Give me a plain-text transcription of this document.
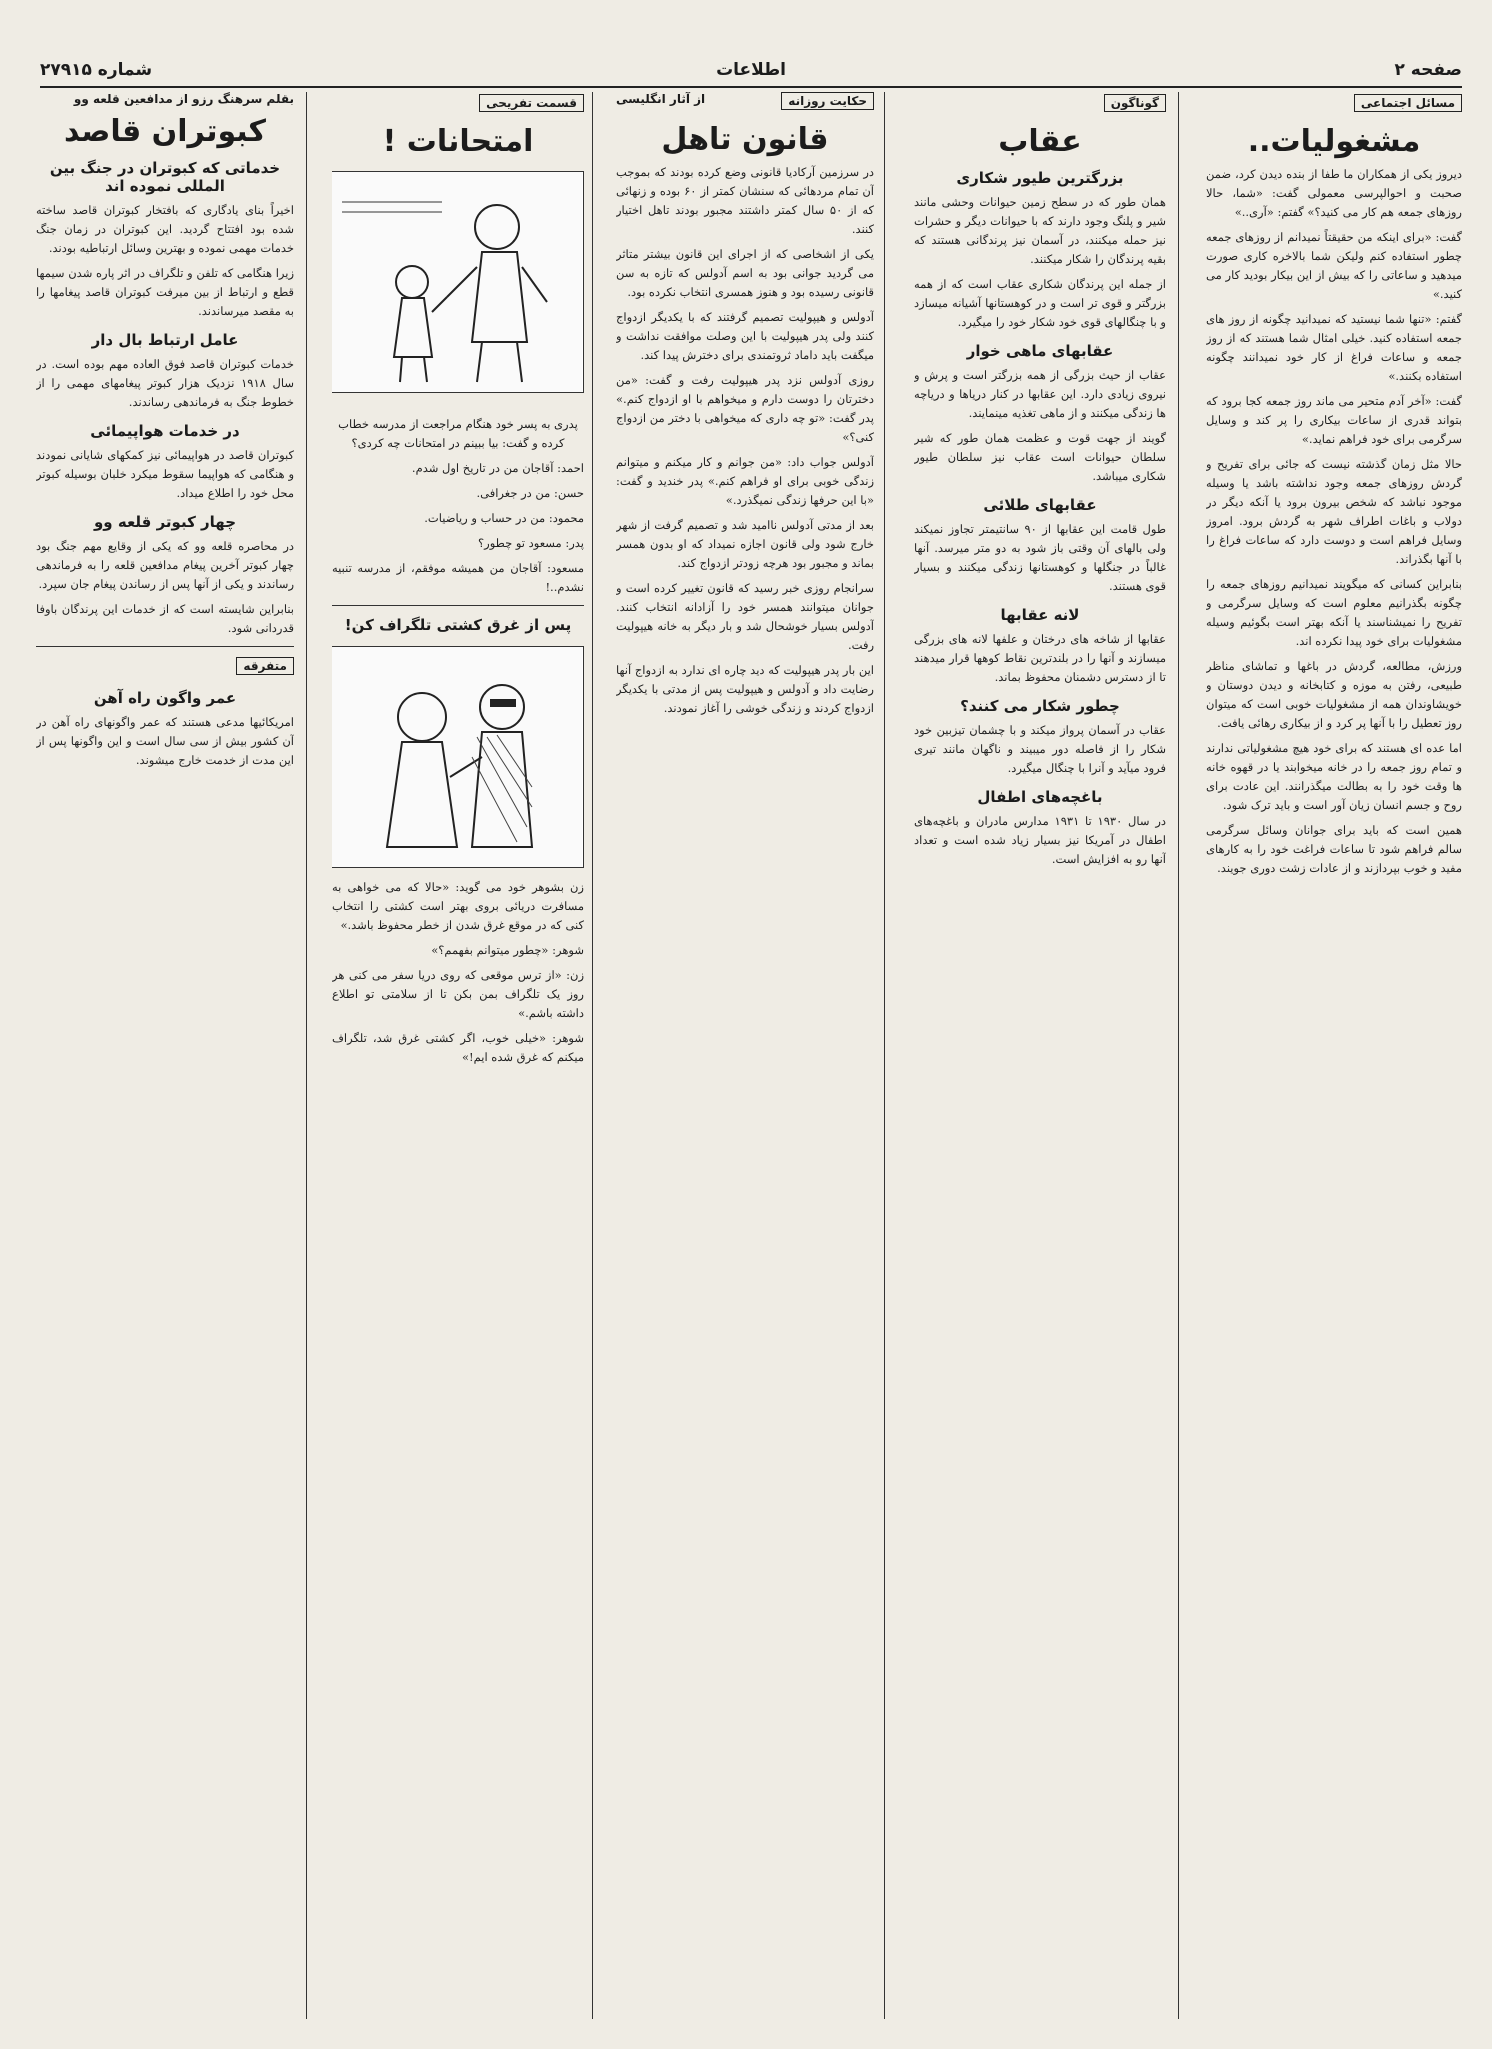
صفحه ۲
اطلاعات
شماره ۲۷۹۱۵
مسائل اجتماعی
مشغولیات..

دیروز یکی از همکاران ما طفا از بنده دیدن کرد، ضمن صحبت و احوالپرسی معمولی گفت: «شما، حالا روزهای جمعه هم کار می کنید؟» گفتم: «آری..»

گفت: «برای اینکه من حقیقتاً نمیدانم از روزهای جمعه چطور استفاده کنم ولیکن شما بالاخره کاری صورت میدهید و ساعاتی را که بیش از این بیکار بودید کار می کنید.»

گفتم: «تنها شما نیستید که نمیدانید چگونه از روز های جمعه استفاده کنید. خیلی امثال شما هستند که از روز جمعه و ساعات فراغ از کار خود نمیدانند چگونه استفاده بکنند.»

گفت: «آخر آدم متحیر می ماند روز جمعه کجا برود که بتواند قدری از ساعات بیکاری را پر کند و وسایل سرگرمی برای خود فراهم نماید.»

حالا مثل زمان گذشته نیست که جائی برای تفریح و گردش روزهای جمعه وجود نداشته باشد یا وسیله موجود نباشد که شخص بیرون برود یا آنکه دیگر در دولاب و باغات اطراف شهر به گردش برود. امروز وسایل فراهم است و دوست دارد که ساعات فراغ را با آنها بگذراند.

بنابراین کسانی که میگویند نمیدانیم روزهای جمعه را چگونه بگذرانیم معلوم است که وسایل سرگرمی و تفریح را نمیشناسند یا آنکه بهتر است بگوئیم وسیله مشغولیات برای خود پیدا نکرده اند.

ورزش، مطالعه، گردش در باغها و تماشای مناظر طبیعی، رفتن به موزه و کتابخانه و دیدن دوستان و خویشاوندان همه از مشغولیات خوبی است که میتوان روز تعطیل را با آنها پر کرد و از بیکاری رهائی یافت.

اما عده ای هستند که برای خود هیچ مشغولیاتی ندارند و تمام روز جمعه را در خانه میخوابند یا در قهوه خانه ها وقت خود را به بطالت میگذرانند. این عادت برای روح و جسم انسان زیان آور است و باید ترک شود.

همین است که باید برای جوانان وسائل سرگرمی سالم فراهم شود تا ساعات فراغت خود را به کارهای مفید و خوب بپردازند و از عادات زشت دوری جویند.

گوناگون
عقاب
بزرگترین طیور شکاری

همان طور که در سطح زمین حیوانات وحشی مانند شیر و پلنگ وجود دارند که با حیوانات دیگر و حشرات نیز حمله میکنند، در آسمان نیز پرندگانی هستند که بقیه پرندگان را شکار میکنند.

از جمله این پرندگان شکاری عقاب است که از همه بزرگتر و قوی تر است و در کوهستانها آشیانه میسازد و با چنگالهای قوی خود شکار خود را میگیرد.

عقابهای ماهی خوار

عقاب از حیث بزرگی از همه بزرگتر است و پرش و نیروی زیادی دارد. این عقابها در کنار دریاها و دریاچه ها زندگی میکنند و از ماهی تغذیه مینمایند.

گویند از جهت قوت و عظمت همان طور که شیر سلطان حیوانات است عقاب نیز سلطان طیور شکاری میباشد.

عقابهای طلائی

طول قامت این عقابها از ۹۰ سانتیمتر تجاوز نمیکند ولی بالهای آن وقتی باز شود به دو متر میرسد. آنها غالباً در جنگلها و کوهستانها زندگی میکنند و بسیار قوی هستند.

لانه عقابها

عقابها از شاخه های درختان و علفها لانه های بزرگی میسازند و آنها را در بلندترین نقاط کوهها قرار میدهند تا از دسترس دشمنان محفوظ بماند.

چطور شکار می کنند؟

عقاب در آسمان پرواز میکند و با چشمان تیزبین خود شکار را از فاصله دور میبیند و ناگهان مانند تیری فرود میآید و آنرا با چنگال میگیرد.

باغچه‌های اطفال

در سال ۱۹۳۰ تا ۱۹۳۱ مدارس مادران و باغچه‌های اطفال در آمریکا نیز بسیار زیاد شده است و تعداد آنها رو به افزایش است.

حکایت روزانه
از آثار انگلیسی
قانون تاهل

در سرزمین آرکادیا قانونی وضع کرده بودند که بموجب آن تمام مردهائی که سنشان کمتر از ۶۰ بوده و زنهائی که از ۵۰ سال کمتر داشتند مجبور بودند تاهل اختیار کنند.

یکی از اشخاصی که از اجرای این قانون بیشتر متاثر می گردید جوانی بود به اسم آدولس که تازه به سن قانونی رسیده بود و هنوز همسری انتخاب نکرده بود.

آدولس و هیپولیت تصمیم گرفتند که با یکدیگر ازدواج کنند ولی پدر هیپولیت با این وصلت موافقت نداشت و میگفت باید داماد ثروتمندی برای دخترش پیدا کند.

روزی آدولس نزد پدر هیپولیت رفت و گفت: «من دخترتان را دوست دارم و میخواهم با او ازدواج کنم.» پدر گفت: «تو چه داری که میخواهی با دختر من ازدواج کنی؟»

آدولس جواب داد: «من جوانم و کار میکنم و میتوانم زندگی خوبی برای او فراهم کنم.» پدر خندید و گفت: «با این حرفها زندگی نمیگذرد.»

بعد از مدتی آدولس ناامید شد و تصمیم گرفت از شهر خارج شود ولی قانون اجازه نمیداد که او بدون همسر بماند و مجبور بود هرچه زودتر ازدواج کند.

سرانجام روزی خبر رسید که قانون تغییر کرده است و جوانان میتوانند همسر خود را آزادانه انتخاب کنند. آدولس بسیار خوشحال شد و بار دیگر به خانه هیپولیت رفت.

این بار پدر هیپولیت که دید چاره ای ندارد به ازدواج آنها رضایت داد و آدولس و هیپولیت پس از مدتی با یکدیگر ازدواج کردند و زندگی خوشی را آغاز نمودند.

قسمت تفریحی
امتحانات !

پدری به پسر خود هنگام مراجعت از مدرسه خطاب کرده و گفت: بیا ببینم در امتحانات چه کردی؟

احمد: آقاجان من در تاریخ اول شدم.

حسن: من در جغرافی.

محمود: من در حساب و ریاضیات.

پدر: مسعود تو چطور؟

مسعود: آقاجان من همیشه موفقم، از مدرسه تنبیه نشدم..!

پس از غرق کشتی تلگراف کن!

زن بشوهر خود می گوید: «حالا که می خواهی به مسافرت دریائی بروی بهتر است کشتی را انتخاب کنی که در موقع غرق شدن از خطر محفوظ باشد.»

شوهر: «چطور میتوانم بفهمم؟»

زن: «از ترس موقعی که روی دریا سفر می کنی هر روز یک تلگراف بمن بکن تا از سلامتی تو اطلاع داشته باشم.»

شوهر: «خیلی خوب، اگر کشتی غرق شد، تلگراف میکنم که غرق شده ایم!»

بقلم سرهنگ رزو از مدافعین قلعه وو
کبوتران قاصد
خدماتی که کبوتران در جنگ بین المللی نموده اند

اخیراً بنای یادگاری که بافتخار کبوتران قاصد ساخته شده بود افتتاح گردید. این کبوتران در زمان جنگ خدمات مهمی نموده و بهترین وسائل ارتباطیه بودند.

زیرا هنگامی که تلفن و تلگراف در اثر پاره شدن سیمها قطع و ارتباط از بین میرفت کبوتران قاصد پیغامها را به مقصد میرساندند.

عامل ارتباط بال دار

خدمات کبوتران قاصد فوق العاده مهم بوده است. در سال ۱۹۱۸ نزدیک هزار کبوتر پیغامهای مهمی را از خطوط جنگ به فرماندهی رساندند.

در خدمات هواپیمائی

کبوتران قاصد در هواپیمائی نیز کمکهای شایانی نمودند و هنگامی که هواپیما سقوط میکرد خلبان بوسیله کبوتر محل خود را اطلاع میداد.

چهار کبوتر قلعه وو

در محاصره قلعه وو که یکی از وقایع مهم جنگ بود چهار کبوتر آخرین پیغام مدافعین قلعه را به فرماندهی رساندند و یکی از آنها پس از رساندن پیغام جان سپرد.

بنابراین شایسته است که از خدمات این پرندگان باوفا قدردانی شود.

متفرقه
عمر واگون راه آهن

امریکائیها مدعی هستند که عمر واگونهای راه آهن در آن کشور بیش از سی سال است و این واگونها پس از این مدت از خدمت خارج میشوند.
